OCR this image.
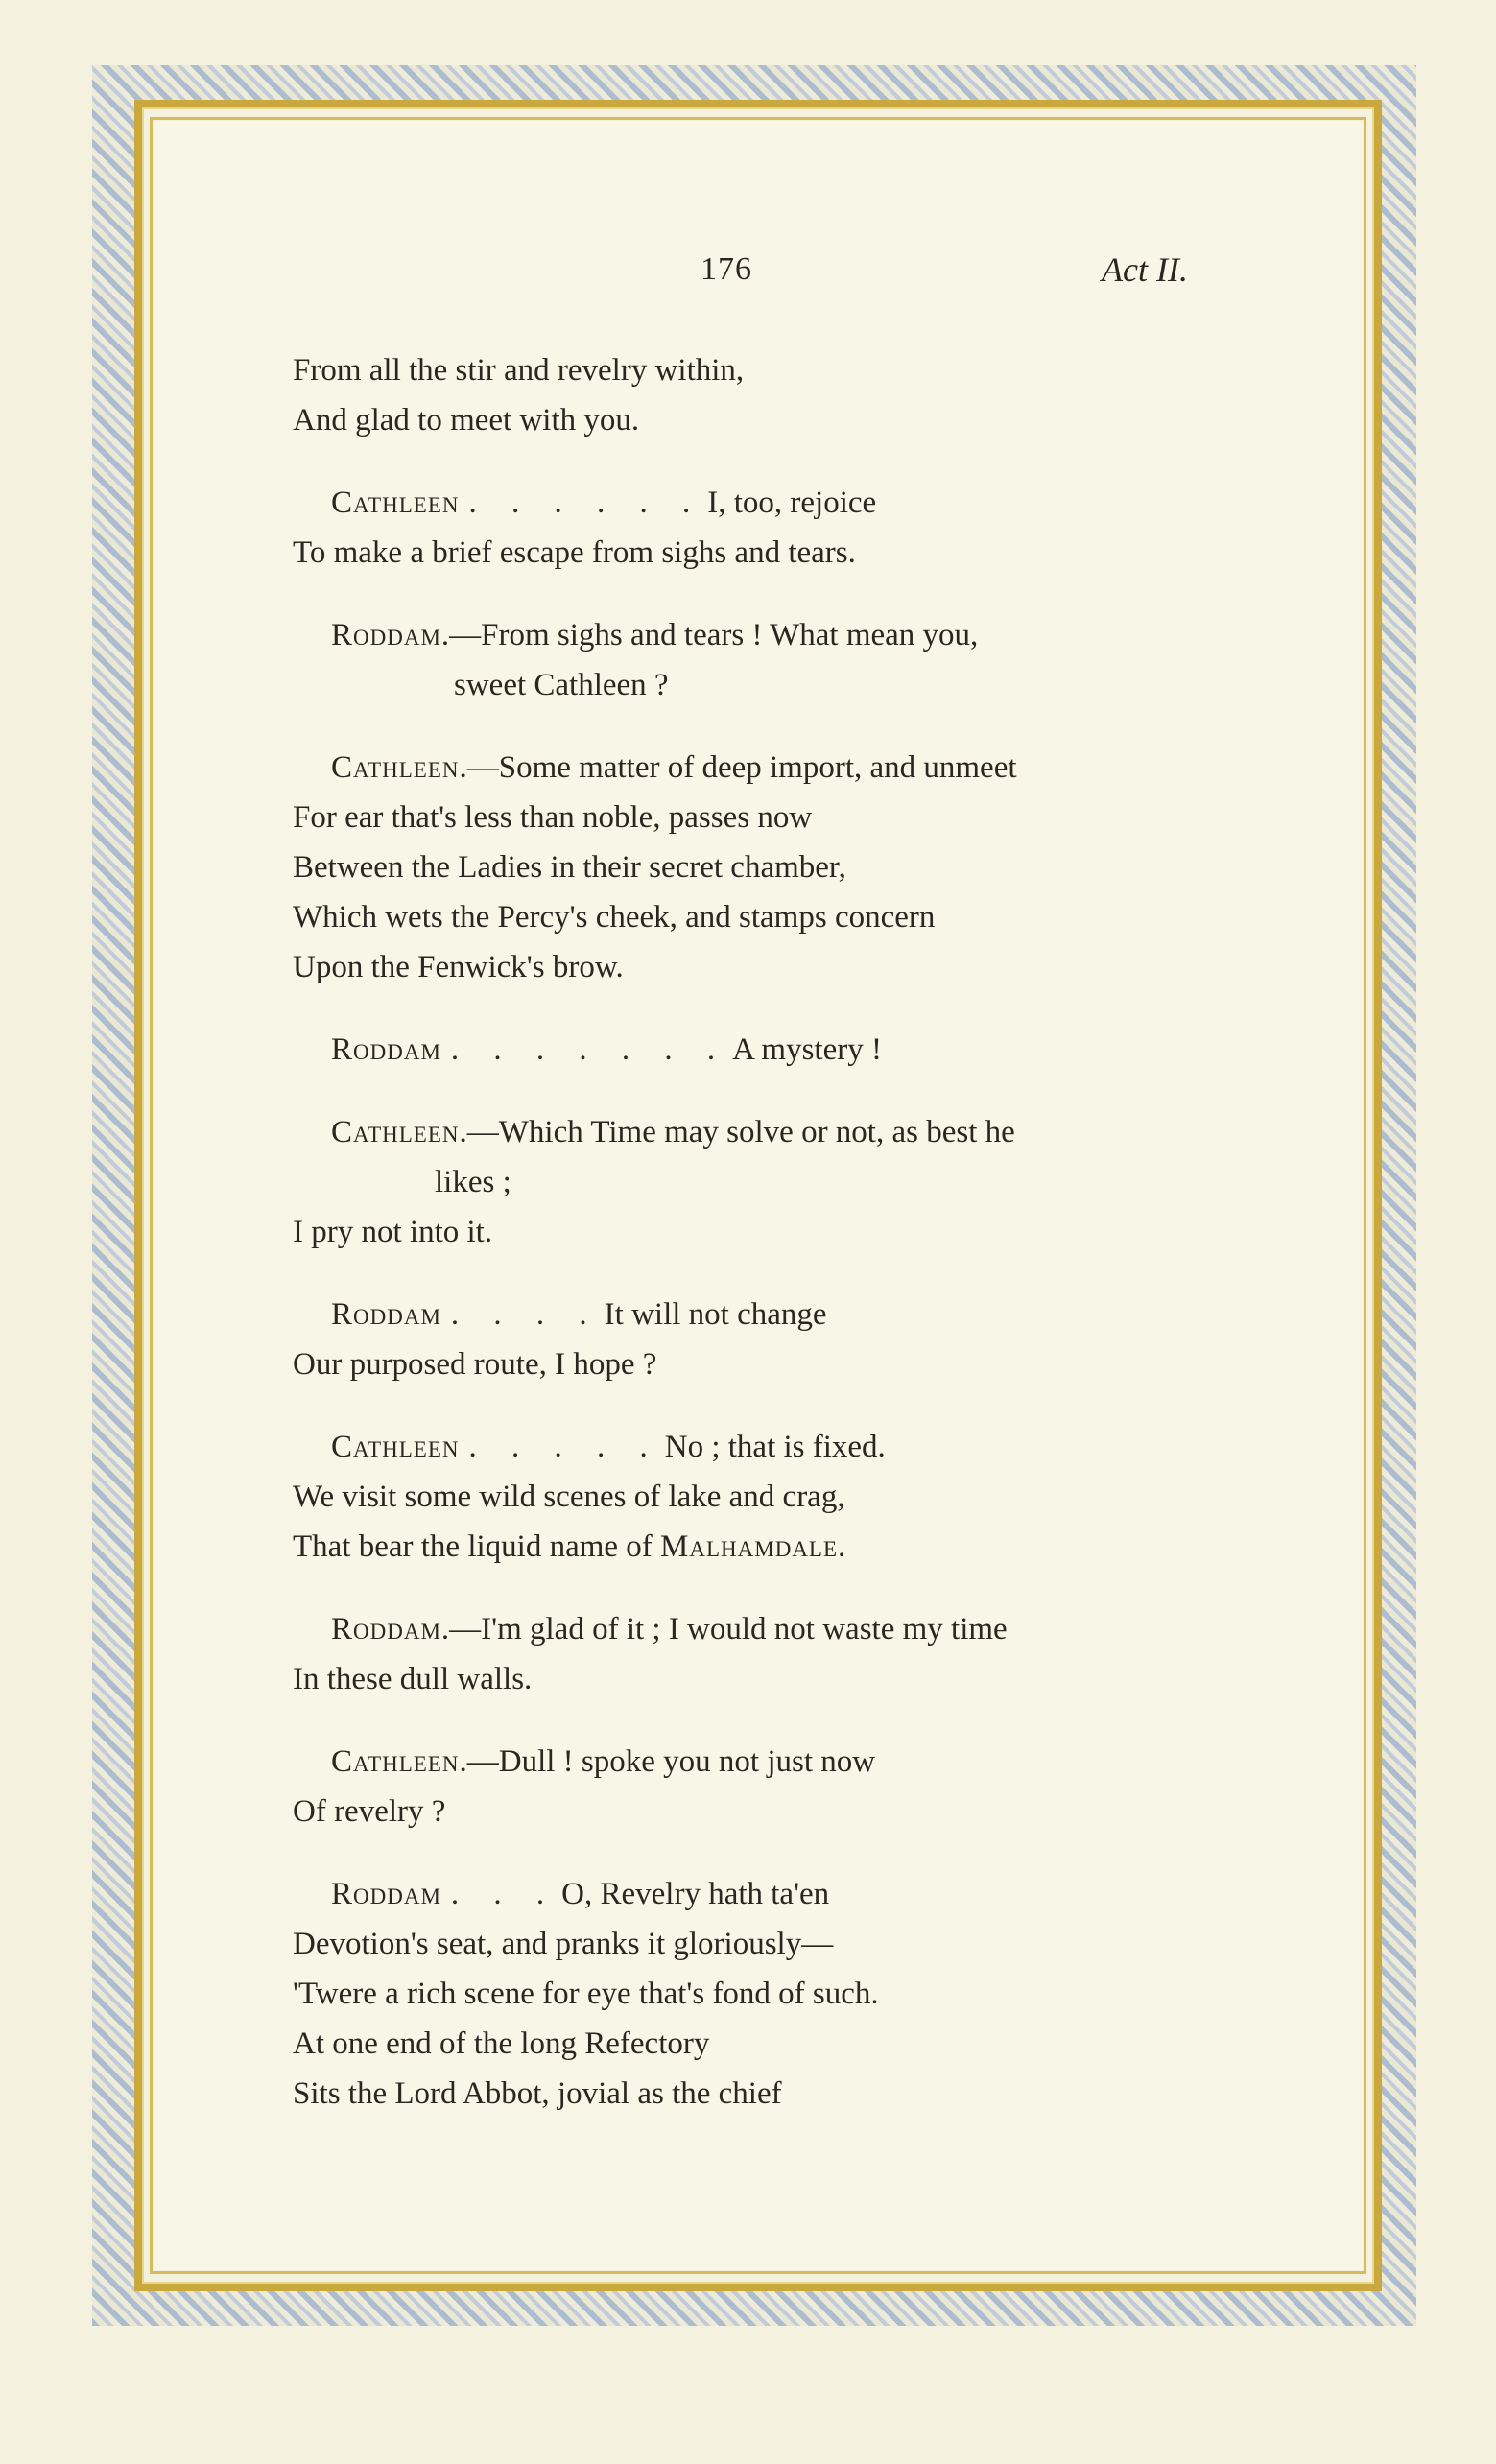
176	Act II.
From all the stir and revelry within,
And glad to meet with you.
Cathleen . . . . . . I, too, rejoice
To make a brief escape from sighs and tears.
Roddam.—From sighs and tears ! What mean you,
sweet Cathleen ?
Cathleen.—Some matter of deep import, and unmeet
For ear that's less than noble, passes now
Between the Ladies in their secret chamber,
Which wets the Percy's cheek, and stamps concern
Upon the Fenwick's brow.
Roddam . . . . . . . A mystery !
Cathleen.—Which Time may solve or not, as best he
likes ;
I pry not into it.
Roddam . . . . It will not change
Our purposed route, I hope ?
Cathleen . . . . . No ; that is fixed.
We visit some wild scenes of lake and crag,
That bear the liquid name of Malhamdale.
Roddam.—I'm glad of it ; I would not waste my time
In these dull walls.
Cathleen.—Dull ! spoke you not just now
Of revelry ?
Roddam . . . O, Revelry hath ta'en
Devotion's seat, and pranks it gloriously—
'Twere a rich scene for eye that's fond of such.
At one end of the long Refectory
Sits the Lord Abbot, jovial as the chief
